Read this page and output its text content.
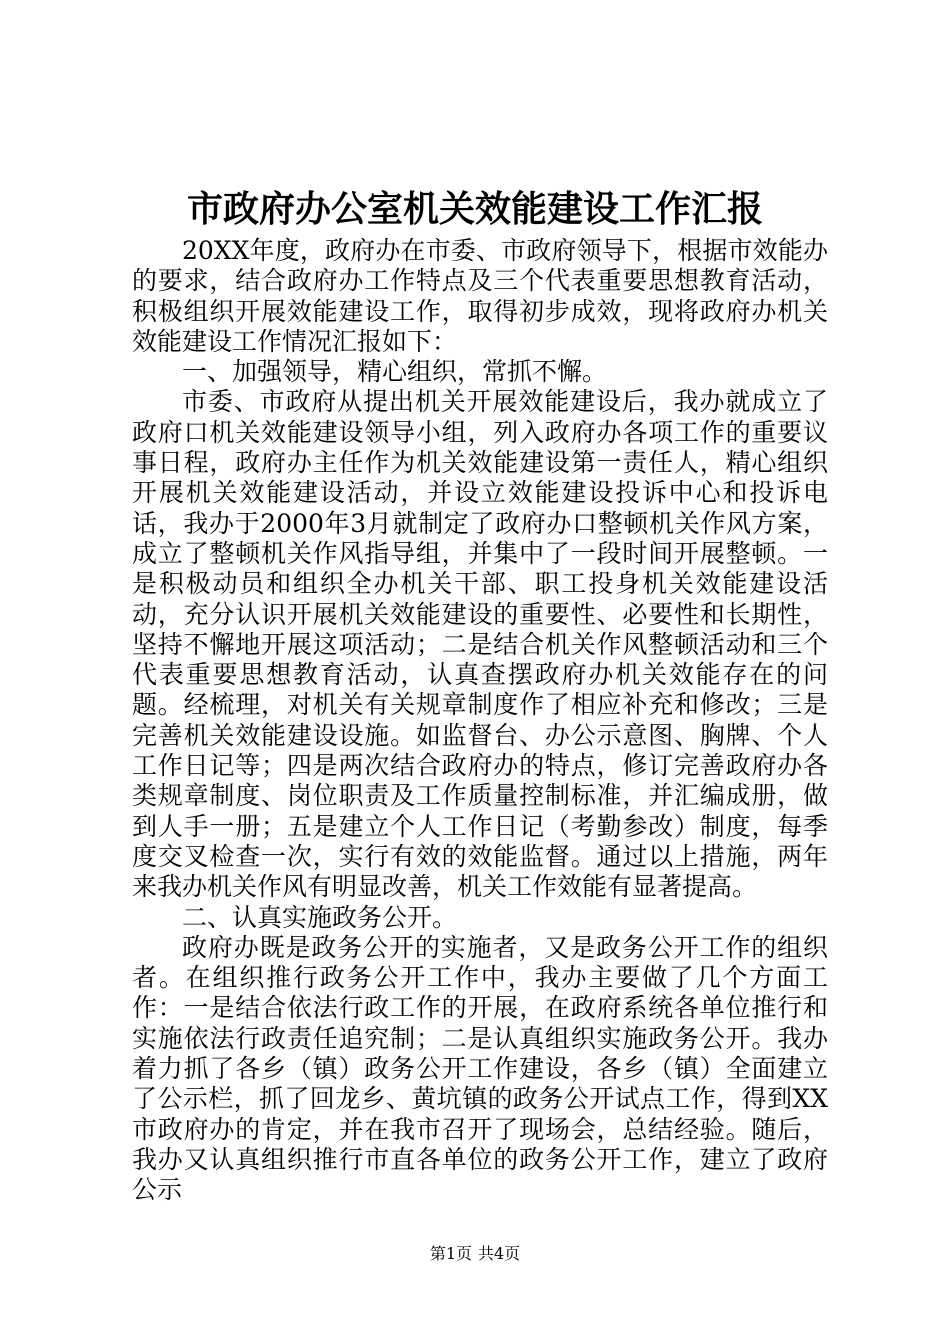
市政府办公室机关效能建设工作汇报

20XX年度，政府办在市委、市政府领导下，根据市效能办的要求，结合政府办工作特点及三个代表重要思想教育活动，积极组织开展效能建设工作，取得初步成效，现将政府办机关效能建设工作情况汇报如下：

一、加强领导，精心组织，常抓不懈。

市委、市政府从提出机关开展效能建设后，我办就成立了政府口机关效能建设领导小组，列入政府办各项工作的重要议事日程，政府办主任作为机关效能建设第一责任人，精心组织开展机关效能建设活动，并设立效能建设投诉中心和投诉电话，我办于2000年3月就制定了政府办口整顿机关作风方案，成立了整顿机关作风指导组，并集中了一段时间开展整顿。一是积极动员和组织全办机关干部、职工投身机关效能建设活动，充分认识开展机关效能建设的重要性、必要性和长期性，坚持不懈地开展这项活动；二是结合机关作风整顿活动和三个代表重要思想教育活动，认真查摆政府办机关效能存在的问题。经梳理，对机关有关规章制度作了相应补充和修改；三是完善机关效能建设设施。如监督台、办公示意图、胸牌、个人工作日记等；四是两次结合政府办的特点，修订完善政府办各类规章制度、岗位职责及工作质量控制标准，并汇编成册，做到人手一册；五是建立个人工作日记（考勤参改）制度，每季度交叉检查一次，实行有效的效能监督。通过以上措施，两年来我办机关作风有明显改善，机关工作效能有显著提高。

二、认真实施政务公开。

政府办既是政务公开的实施者，又是政务公开工作的组织者。在组织推行政务公开工作中，我办主要做了几个方面工作：一是结合依法行政工作的开展，在政府系统各单位推行和实施依法行政责任追究制；二是认真组织实施政务公开。我办着力抓了各乡（镇）政务公开工作建设，各乡（镇）全面建立了公示栏，抓了回龙乡、黄坑镇的政务公开试点工作，得到XX市政府办的肯定，并在我市召开了现场会，总结经验。随后，我办又认真组织推行市直各单位的政务公开工作，建立了政府公示

第1页 共4页
